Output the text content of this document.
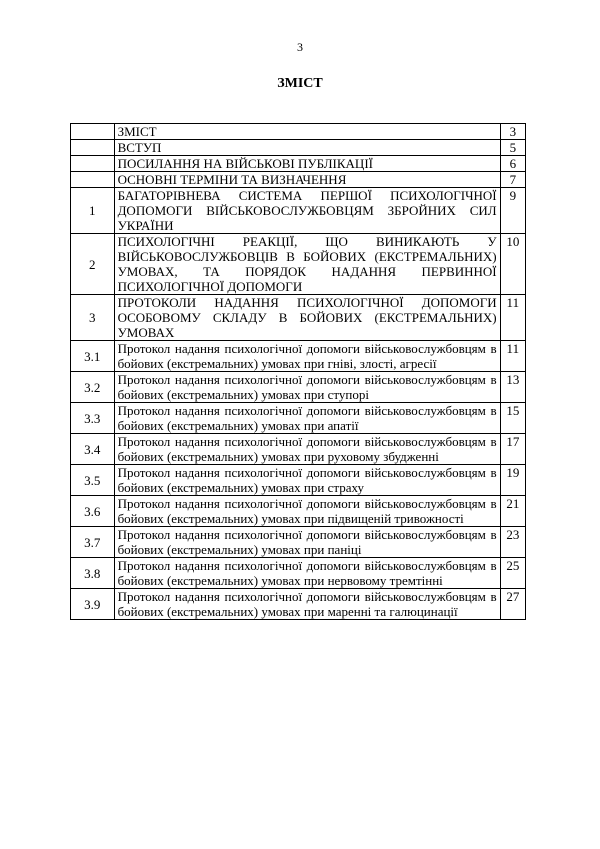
3
ЗМІСТ
	ЗМІСТ	3
	ВСТУП	5
	ПОСИЛАННЯ НА ВІЙСЬКОВІ ПУБЛІКАЦІЇ	6
	ОСНОВНІ ТЕРМІНИ ТА ВИЗНАЧЕННЯ	7
1	БАГАТОРІВНЕВА СИСТЕМА ПЕРШОЇ ПСИХОЛОГІЧНОЇ ДОПОМОГИ ВІЙСЬКОВОСЛУЖБОВЦЯМ ЗБРОЙНИХ СИЛ УКРАЇНИ	9
2	ПСИХОЛОГІЧНІ РЕАКЦІЇ, ЩО ВИНИКАЮТЬ У ВІЙСЬКОВОСЛУЖБОВЦІВ В БОЙОВИХ (ЕКСТРЕМАЛЬНИХ) УМОВАХ, ТА ПОРЯДОК НАДАННЯ ПЕРВИННОЇ ПСИХОЛОГІЧНОЇ ДОПОМОГИ	10
3	ПРОТОКОЛИ НАДАННЯ ПСИХОЛОГІЧНОЇ ДОПОМОГИ ОСОБОВОМУ СКЛАДУ В БОЙОВИХ (ЕКСТРЕМАЛЬНИХ) УМОВАХ	11
3.1	Протокол надання психологічної допомоги військовослужбовцям в бойових (екстремальних) умовах при гніві, злості, агресії	11
3.2	Протокол надання психологічної допомоги військовослужбовцям в бойових (екстремальних) умовах при ступорі	13
3.3	Протокол надання психологічної допомоги військовослужбовцям в бойових (екстремальних) умовах при апатії	15
3.4	Протокол надання психологічної допомоги військовослужбовцям в бойових (екстремальних) умовах при руховому збудженні	17
3.5	Протокол надання психологічної допомоги військовослужбовцям в бойових (екстремальних) умовах при страху	19
3.6	Протокол надання психологічної допомоги військовослужбовцям в бойових (екстремальних) умовах при підвищеній тривожності	21
3.7	Протокол надання психологічної допомоги військовослужбовцям в бойових (екстремальних) умовах при паніці	23
3.8	Протокол надання психологічної допомоги військовослужбовцям в бойових (екстремальних) умовах при нервовому тремтінні	25
3.9	Протокол надання психологічної допомоги військовослужбовцям в бойових (екстремальних) умовах при маренні та галюцинації	27
